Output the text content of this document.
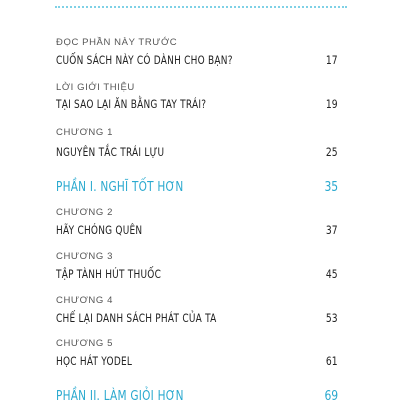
ĐỌC PHẦN NÀY TRƯỚC
CUỐN SÁCH NÀY CÓ DÀNH CHO BẠN?	17
LỜI GIỚI THIỆU
TẠI SAO LẠI ĂN BẰNG TAY TRÁI?	19
CHƯƠNG 1
NGUYÊN TẮC TRÁI LỰU	25
PHẦN I. NGHĨ TỐT HƠN	35
CHƯƠNG 2
HÃY CHÓNG QUÊN	37
CHƯƠNG 3
TẬP TÀNH HÚT THUỐC	45
CHƯƠNG 4
CHẾ LẠI DANH SÁCH PHÁT CỦA TA	53
CHƯƠNG 5
HỌC HÁT YODEL	61
PHẦN II. LÀM GIỎI HƠN	69
